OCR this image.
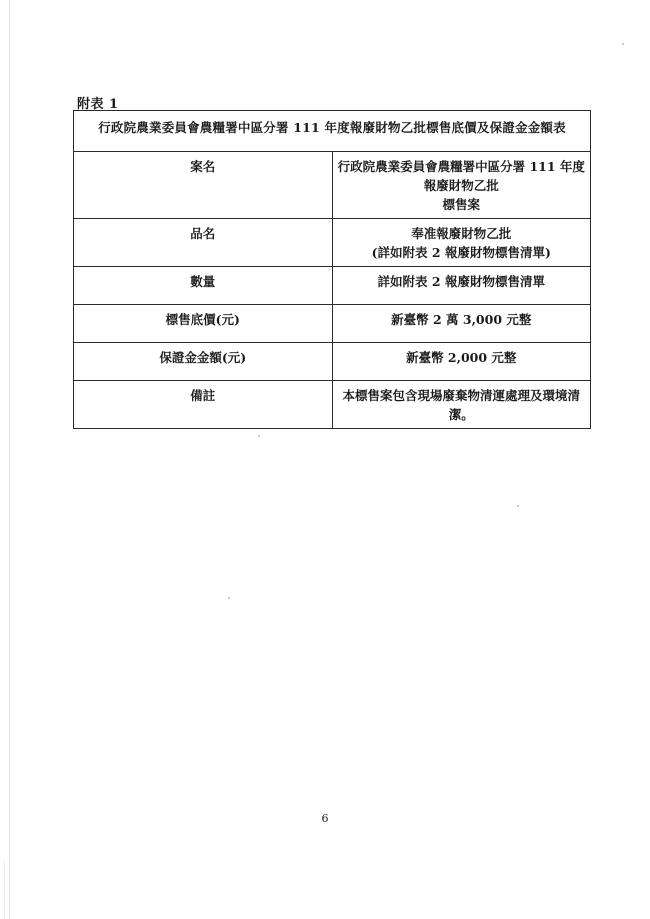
附表 1
行政院農業委員會農糧署中區分署 111 年度報廢財物乙批標售底價及保證金金額表	
案名	行政院農業委員會農糧署中區分署 111 年度報廢財物乙批
標售案

品名	奉准報廢財物乙批
(詳如附表 2 報廢財物標售清單)

數量	詳如附表 2 報廢財物標售清單

標售底價(元)	新臺幣 2 萬 3,000 元整

保證金金額(元)	新臺幣 2,000 元整

備註	本標售案包含現場廢棄物清運處理及環境清潔。
6
